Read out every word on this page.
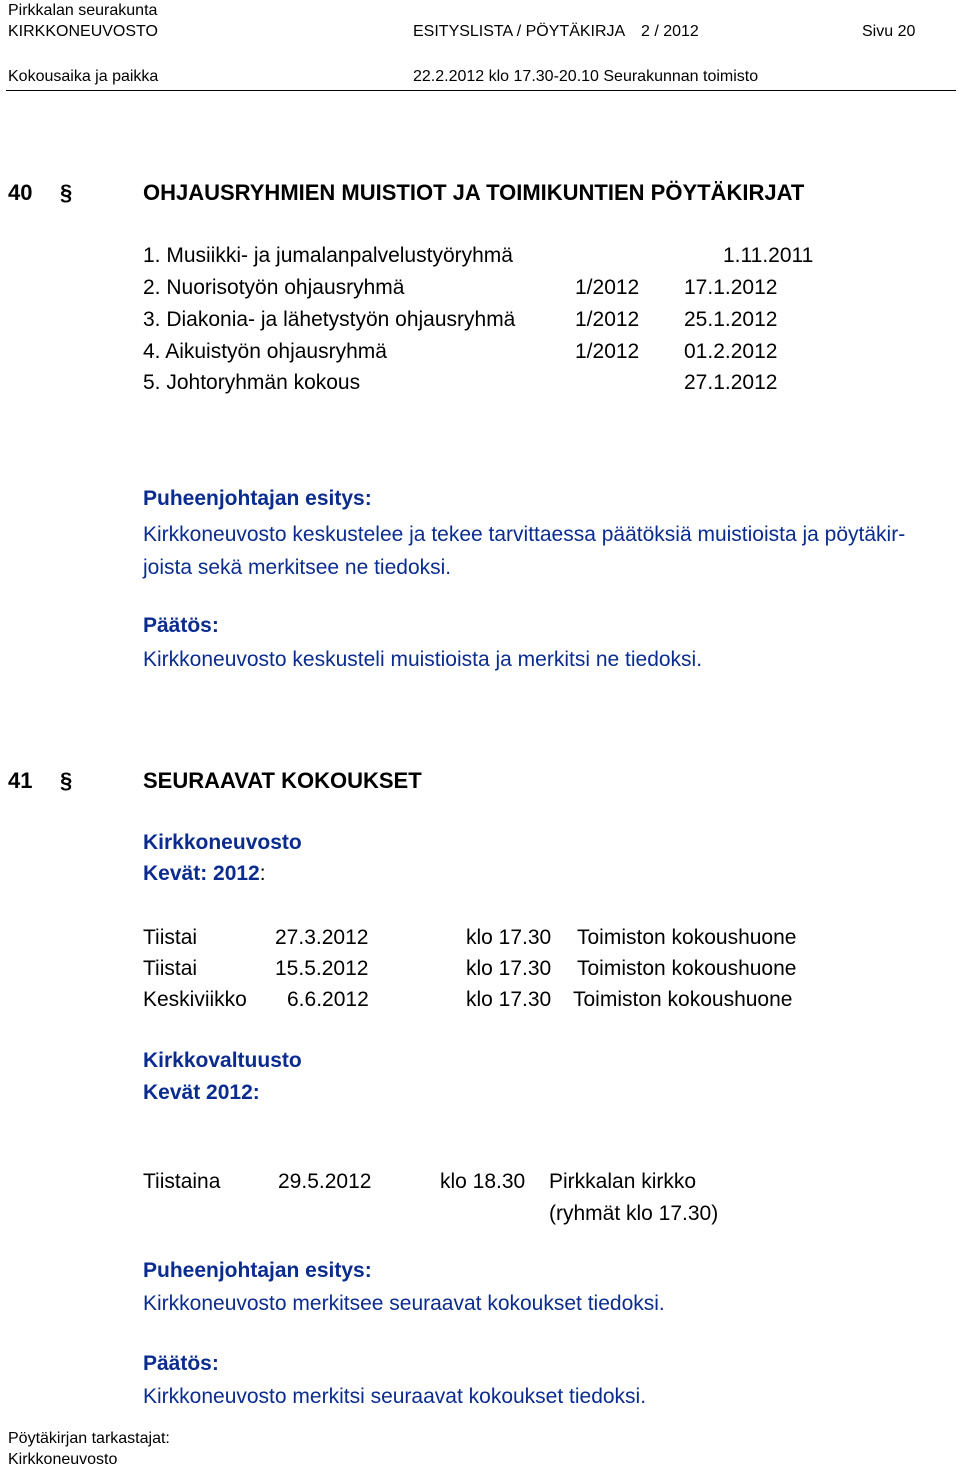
Pirkkalan seurakunta
KIRKKONEUVOSTO	ESITYSLISTA / PÖYTÄKIRJA 2 / 2012	Sivu 20
Kokousaika ja paikka	22.2.2012 klo 17.30-20.10 Seurakunnan toimisto
40 §	OHJAUSRYHMIEN MUISTIOT JA TOIMIKUNTIEN PÖYTÄKIRJAT
1. Musiikki- ja jumalanpalvelustyöryhmä	1.11.2011
2. Nuorisotyön ohjausryhmä	1/2012 17.1.2012
3. Diakonia- ja lähetystyön ohjausryhmä	1/2012 25.1.2012
4. Aikuistyön ohjausryhmä	1/2012 01.2.2012
5. Johtoryhmän kokous	27.1.2012
Puheenjohtajan esitys:
Kirkkoneuvosto keskustelee ja tekee tarvittaessa päätöksiä muistioista ja pöytäkir-
joista sekä merkitsee ne tiedoksi.
Päätös:
Kirkkoneuvosto keskusteli muistioista ja merkitsi ne tiedoksi.
41 §	SEURAAVAT KOKOUKSET
Kirkkoneuvosto
Kevät: 2012:
Tiistai	27.3.2012	klo 17.30 Toimiston kokoushuone
Tiistai	15.5.2012	klo 17.30 Toimiston kokoushuone
Keskiviikko 6.6.2012	klo 17.30 Toimiston kokoushuone
Kirkkovaltuusto
Kevät 2012:
Tiistaina	29.5.2012	klo 18.30 Pirkkalan kirkko
(ryhmät klo 17.30)
Puheenjohtajan esitys:
Kirkkoneuvosto merkitsee seuraavat kokoukset tiedoksi.
Päätös:
Kirkkoneuvosto merkitsi seuraavat kokoukset tiedoksi.
Pöytäkirjan tarkastajat:
Kirkkoneuvosto
